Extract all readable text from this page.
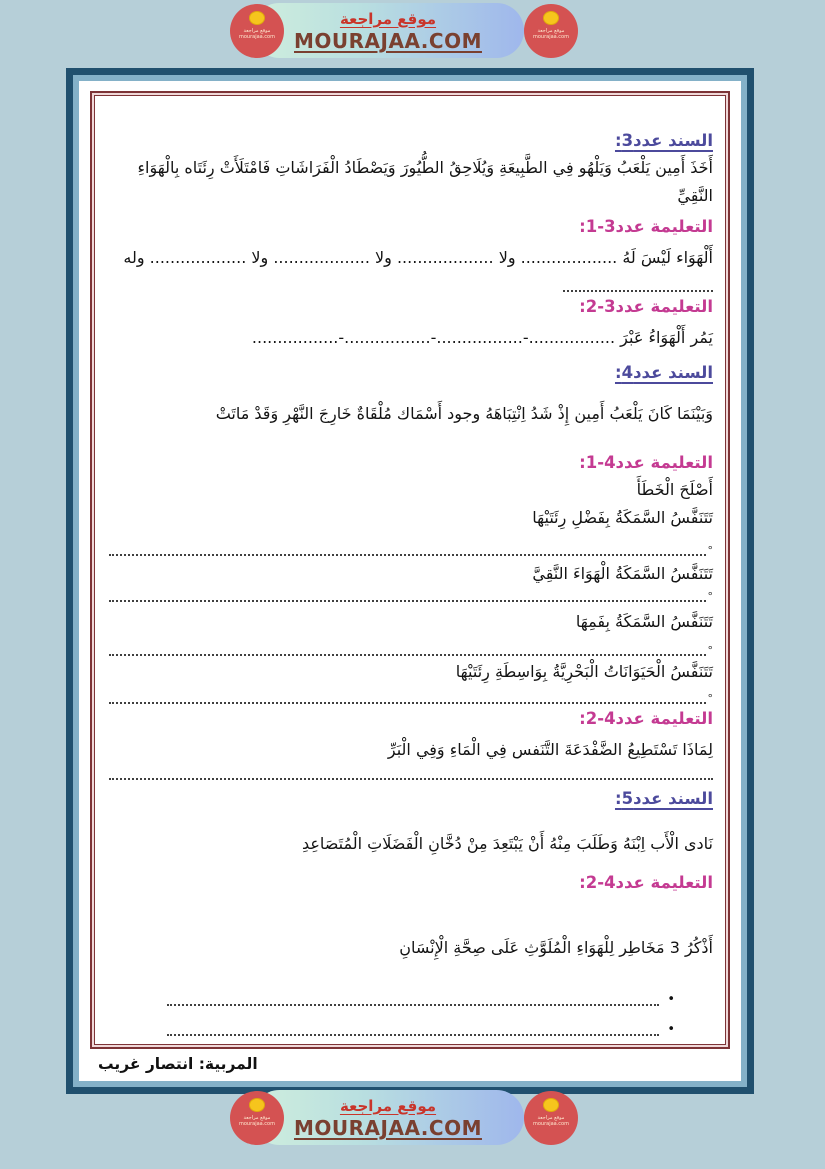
موقع مراجعة
MOURAJAA.COM
موقع مراجعة
mourajaa.com
موقع مراجعة
mourajaa.com
السند عدد3:

أَخَذَ أَمِين يَلْعَبُ وَيَلْهُو فِي الطَّبِيعَةِ وَيُلَاحِقُ الطُّيُورَ وَيَصْطَادُ الْفَرَاشَاتِ فَامْتَلَأَتْ رِئَتَاه بِالْهَوَاءِ النَّقِيِّ

التعليمة عدد3-1:

أَلْهَوَاء لَيْسَ لَهُ ................... ولا ................... ولا ................... ولا ................... وله

التعليمة عدد3-2:

يَمُر أَلْهَوَاءُ عَبْرَ .................-.................-.................-.................

السند عدد4:

وَبَيْنَمَا كَانَ يَلْعَبُ أَمِين إِذْ شَدُ اِنْتِبَاهَهُ وجود أَسْمَاك مُلْقَاةٌ خَارِجَ النَّهْرِ وَقَدْ مَاتَتْ

التعليمة عدد4-1:

أَصْلَحَ الْخَطَأَ

تَتَنَفَّسُ السَّمَكَةُ بِفَضْلِ رِئَتَيْهَا

°

تَتَنَفَّسُ السَّمَكَةُ الْهَوَاءَ النَّقِيَّ

°

تَتَنَفَّسُ السَّمَكَةُ بِفَمِهَا

°

تَتَنَفَّسُ الْحَيَوَانَاتُ الْبَحْرِيَّةُ بِوَاسِطَةِ رِئَتَيْهَا

°
التعليمة عدد4-2:

لِمَاذَا تَسْتَطِيعُ الضَّفْدَعَةَ التَّنَفس فِي الْمَاءِ وَفِي الْبَرِّ

السند عدد5:

نَادى الْأَب اِبْنَهُ وَطَلَبَ مِنْهُ أَنْ يَبْتَعِدَ مِنْ دُخَّانِ الْفَضَلَاتِ الْمُتَصَاعِدِ

التعليمة عدد4-2:

أَذْكُرُ 3 مَخَاطِر لِلْهَوَاءِ الْمُلَوَّثِ عَلَى صِحَّةِ الْإِنْسَانِ

•
•
المربية: انتصار غريب
موقع مراجعة
MOURAJAA.COM
موقع مراجعة
mourajaa.com
موقع مراجعة
mourajaa.com
